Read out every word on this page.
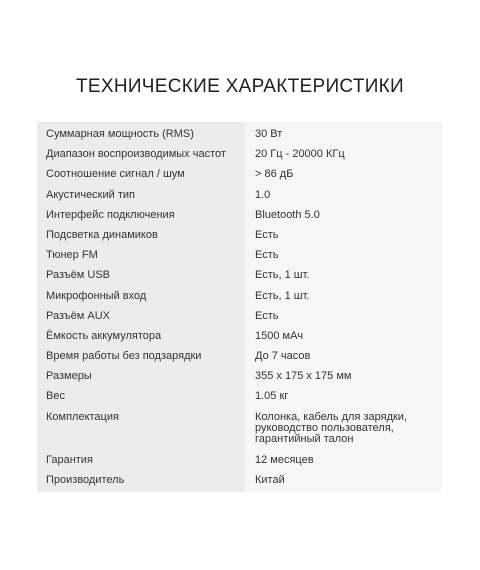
ТЕХНИЧЕСКИЕ ХАРАКТЕРИСТИКИ
Суммарная мощность (RMS)	30 Вт
Диапазон воспроизводимых частот	20 Гц - 20000 КГц
Соотношение сигнал / шум	> 86 дБ
Акустический тип	1.0
Интерфейс подключения	Bluetooth 5.0
Подсветка динамиков	Есть
Тюнер FM	Есть
Разъём USB	Есть, 1 шт.
Микрофонный вход	Есть, 1 шт.
Разъём AUX	Есть
Ёмкость аккумулятора	1500 мАч
Время работы без подзарядки	До 7 часов
Размеры	355 x 175 x 175 мм
Вес	1.05 кг
Комплектация	Колонка, кабель для зарядки,
руководство пользователя,
гарантийный талон
Гарантия	12 месяцев
Производитель	Китай
